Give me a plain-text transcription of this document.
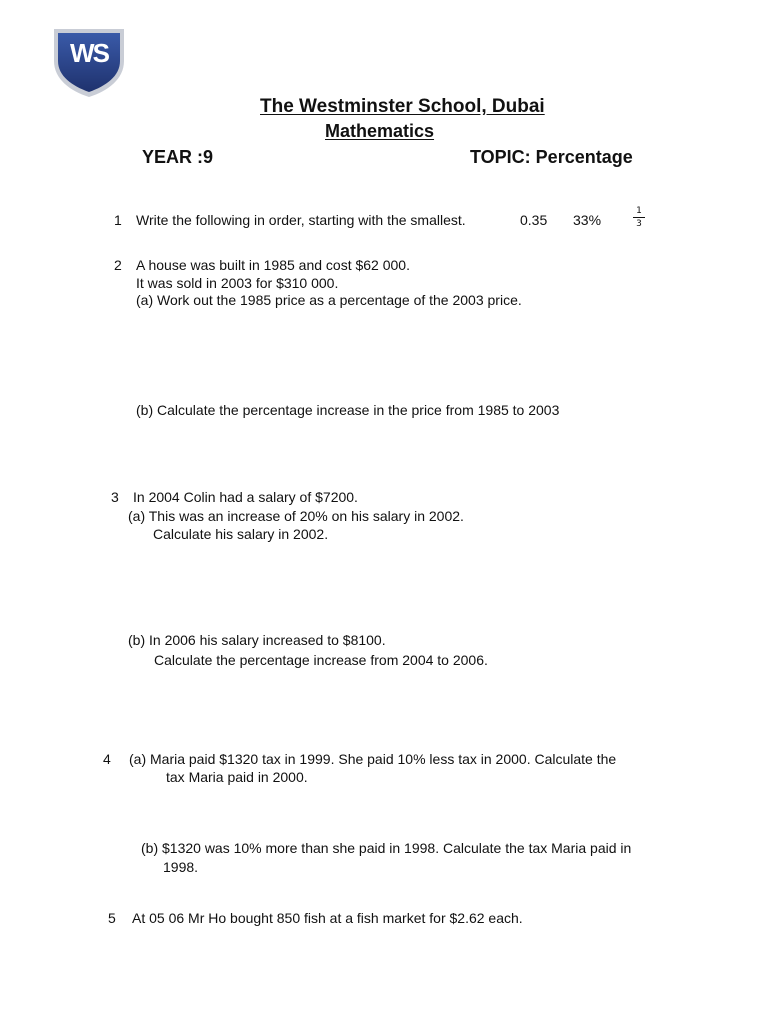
WS
The Westminster School, Dubai
Mathematics
YEAR :9	TOPIC: Percentage
1 Write the following in order, starting with the smallest.	0.35 33%
1
3
2 A house was built in 1985 and cost $62 000.
It was sold in 2003 for $310 000.
(a) Work out the 1985 price as a percentage of the 2003 price.
(b) Calculate the percentage increase in the price from 1985 to 2003
3 In 2004 Colin had a salary of $7200.
(a) This was an increase of 20% on his salary in 2002.
Calculate his salary in 2002.
(b) In 2006 his salary increased to $8100.
Calculate the percentage increase from 2004 to 2006.
4 (a) Maria paid $1320 tax in 1999. She paid 10% less tax in 2000. Calculate the
tax Maria paid in 2000.
(b) $1320 was 10% more than she paid in 1998. Calculate the tax Maria paid in
1998.
5 At 05 06 Mr Ho bought 850 fish at a fish market for $2.62 each.
